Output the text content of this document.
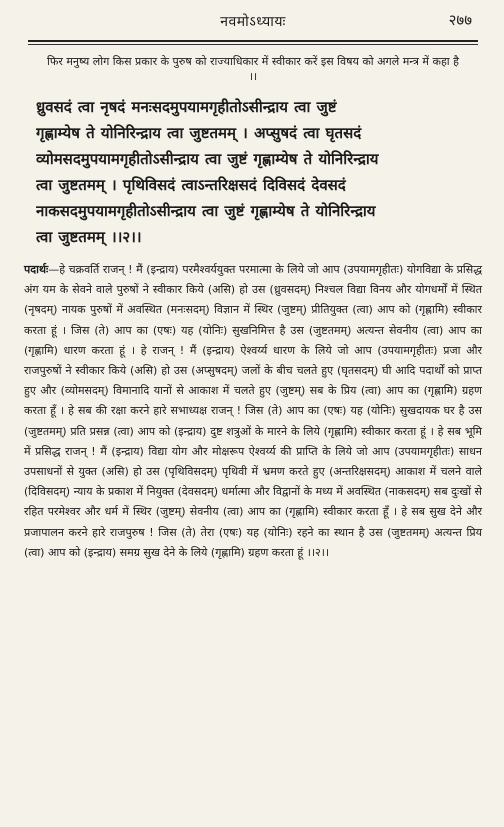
नवमोऽध्यायः	२७७
फिर मनुष्य लोग किस प्रकार के पुरुष को राज्याधिकार में स्वीकार करें इस विषय को अगले मन्त्र में कहा है ।।
ध्रुवसदं त्वा नृषदं मनःसदमुपयामगृहीतोऽसीन्द्राय त्वा जुष्टं
गृह्णाम्येष ते योनिरिन्द्राय त्वा जुष्टतमम् । अप्सुषदं त्वा घृतसदं
व्योमसदमुपयामगृहीतोऽसीन्द्राय त्वा जुष्टं गृह्णाम्येष ते योनिरिन्द्राय
त्वा जुष्टतमम् । पृथिविसदं त्वाऽन्तरिक्षसदं दिविसदं देवसदं
नाकसदमुपयामगृहीतोऽसीन्द्राय त्वा जुष्टं गृह्णाम्येष ते योनिरिन्द्राय
त्वा जुष्टतमम् ।।२।।
पदार्थः—हे चक्रवर्ति राजन् ! मैं (इन्द्राय) परमैश्वर्ययुक्त परमात्मा के लिये जो आप (उपयामगृहीतः) योगविद्या के प्रसिद्ध अंग यम के सेवने वाले पुरुषों ने स्वीकार किये (असि) हो उस (ध्रुवसदम्) निश्चल विद्या विनय और योगधर्मों में स्थित (नृषदम्) नायक पुरुषों में अवस्थित (मनःसदम्) विज्ञान में स्थिर (जुष्टम्) प्रीतियुक्त (त्वा) आप को (गृह्णामि) स्वीकार करता हूं । जिस (ते) आप का (एषः) यह (योनिः) सुखनिमित्त है उस (जुष्टतमम्) अत्यन्त सेवनीय (त्वा) आप का (गृह्णामि) धारण करता हूं । हे राजन् ! मैं (इन्द्राय) ऐश्वर्य्य धारण के लिये जो आप (उपयामगृहीतः) प्रजा और राजपुरुषों ने स्वीकार किये (असि) हो उस (अप्सुषदम्) जलों के बीच चलते हुए (घृतसदम्) घी आदि पदार्थों को प्राप्त हुए और (व्योमसदम्) विमानादि यानों से आकाश में चलते हुए (जुष्टम्) सब के प्रिय (त्वा) आप का (गृह्णामि) ग्रहण करता हूँ । हे सब की रक्षा करने हारे सभाध्यक्ष राजन् ! जिस (ते) आप का (एषः) यह (योनिः) सुखदायक घर है उस (जुष्टतमम्) प्रति प्रसन्न (त्वा) आप को (इन्द्राय) दुष्ट शत्रुओं के मारने के लिये (गृह्णामि) स्वीकार करता हूं । हे सब भूमि में प्रसिद्ध राजन् ! मैं (इन्द्राय) विद्या योग और मोक्षरूप ऐश्वर्य्य की प्राप्ति के लिये जो आप (उपयामगृहीतः) साधन उपसाधनों से युक्त (असि) हो उस (पृथिविसदम्) पृथिवी में भ्रमण करते हुए (अन्तरिक्षसदम्) आकाश में चलने वाले (दिविसदम्) न्याय के प्रकाश में नियुक्त (देवसदम्) धर्मात्मा और विद्वानों के मध्य में अवस्थित (नाकसदम्) सब दुःखों से रहित परमेश्वर और धर्म में स्थिर (जुष्टम्) सेवनीय (त्वा) आप का (गृह्णामि) स्वीकार करता हूँ । हे सब सुख देने और प्रजापालन करने हारे राजपुरुष ! जिस (ते) तेरा (एषः) यह (योनिः) रहने का स्थान है उस (जुष्टतमम्) अत्यन्त प्रिय (त्वा) आप को (इन्द्राय) समग्र सुख देने के लिये (गृह्णामि) ग्रहण करता हूं ।।२।।
